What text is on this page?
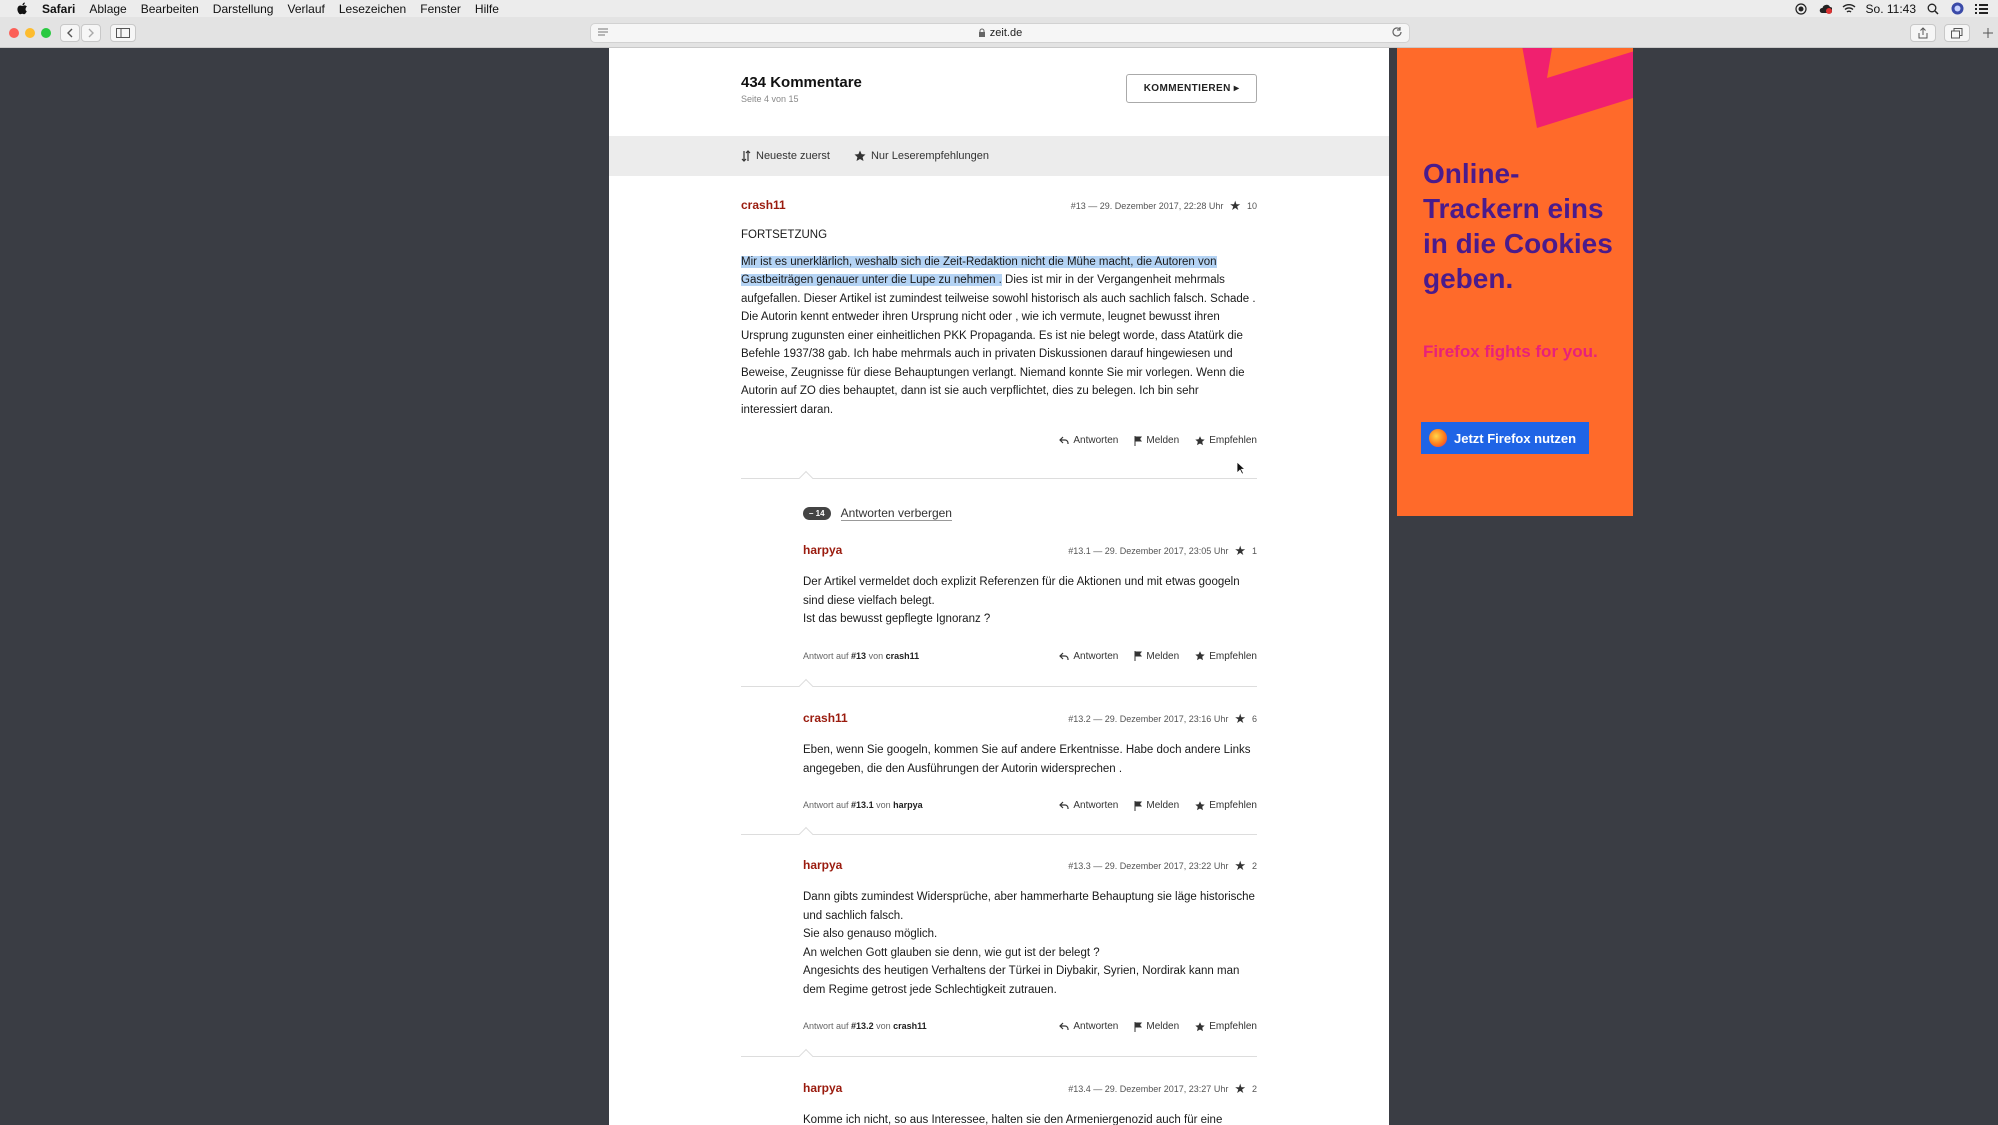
Safari Ablage Bearbeiten Darstellung Verlauf Lesezeichen Fenster Hilfe	So. 11:43
zeit.de
434 Kommentare
Seite 4 von 15
KOMMENTIEREN ▸
Neueste zuerst	Nur Leserempfehlungen
crash11	#13 — 29. Dezember 2017, 22:28 Uhr ★ 10

FORTSETZUNG

Mir ist es unerklärlich, weshalb sich die Zeit-Redaktion nicht die Mühe macht, die Autoren von Gastbeiträgen genauer unter die Lupe zu nehmen . Dies ist mir in der Vergangenheit mehrmals aufgefallen. Dieser Artikel ist zumindest teilweise sowohl historisch als auch sachlich falsch. Schade . Die Autorin kennt entweder ihren Ursprung nicht oder , wie ich vermute, leugnet bewusst ihren Ursprung zugunsten einer einheitlichen PKK Propaganda. Es ist nie belegt worde, dass Atatürk die Befehle 1937/38 gab. Ich habe mehrmals auch in privaten Diskussionen darauf hingewiesen und Beweise, Zeugnisse für diese Behauptungen verlangt. Niemand konnte Sie mir vorlegen. Wenn die Autorin auf ZO dies behauptet, dann ist sie auch verpflichtet, dies zu belegen. Ich bin sehr interessiert daran.

Antworten	Melden	Empfehlen
– 14	Antworten verbergen
harpya	#13.1 — 29. Dezember 2017, 23:05 Uhr ★ 1

Der Artikel vermeldet doch explizit Referenzen für die Aktionen und mit etwas googeln sind diese vielfach belegt.

Ist das bewusst gepflegte Ignoranz ?

Antwort auf #13 von crash11	Antworten	Melden	Empfehlen
crash11	#13.2 — 29. Dezember 2017, 23:16 Uhr ★ 6

Eben, wenn Sie googeln, kommen Sie auf andere Erkentnisse. Habe doch andere Links angegeben, die den Ausführungen der Autorin widersprechen .

Antwort auf #13.1 von harpya	Antworten	Melden	Empfehlen
harpya	#13.3 — 29. Dezember 2017, 23:22 Uhr ★ 2

Dann gibts zumindest Widersprüche, aber hammerharte Behauptung sie läge historische und sachlich falsch.

Sie also genauso möglich.

An welchen Gott glauben sie denn, wie gut ist der belegt ?

Angesichts des heutigen Verhaltens der Türkei in Diybakir, Syrien, Nordirak kann man dem Regime getrost jede Schlechtigkeit zutrauen.

Antwort auf #13.2 von crash11	Antworten	Melden	Empfehlen
harpya	#13.4 — 29. Dezember 2017, 23:27 Uhr ★ 2

Komme ich nicht, so aus Interessee, halten sie den Armeniergenozid auch für eine

Online-Trackern eins in die Cookies geben.
Firefox fights for you.
Jetzt Firefox nutzen
